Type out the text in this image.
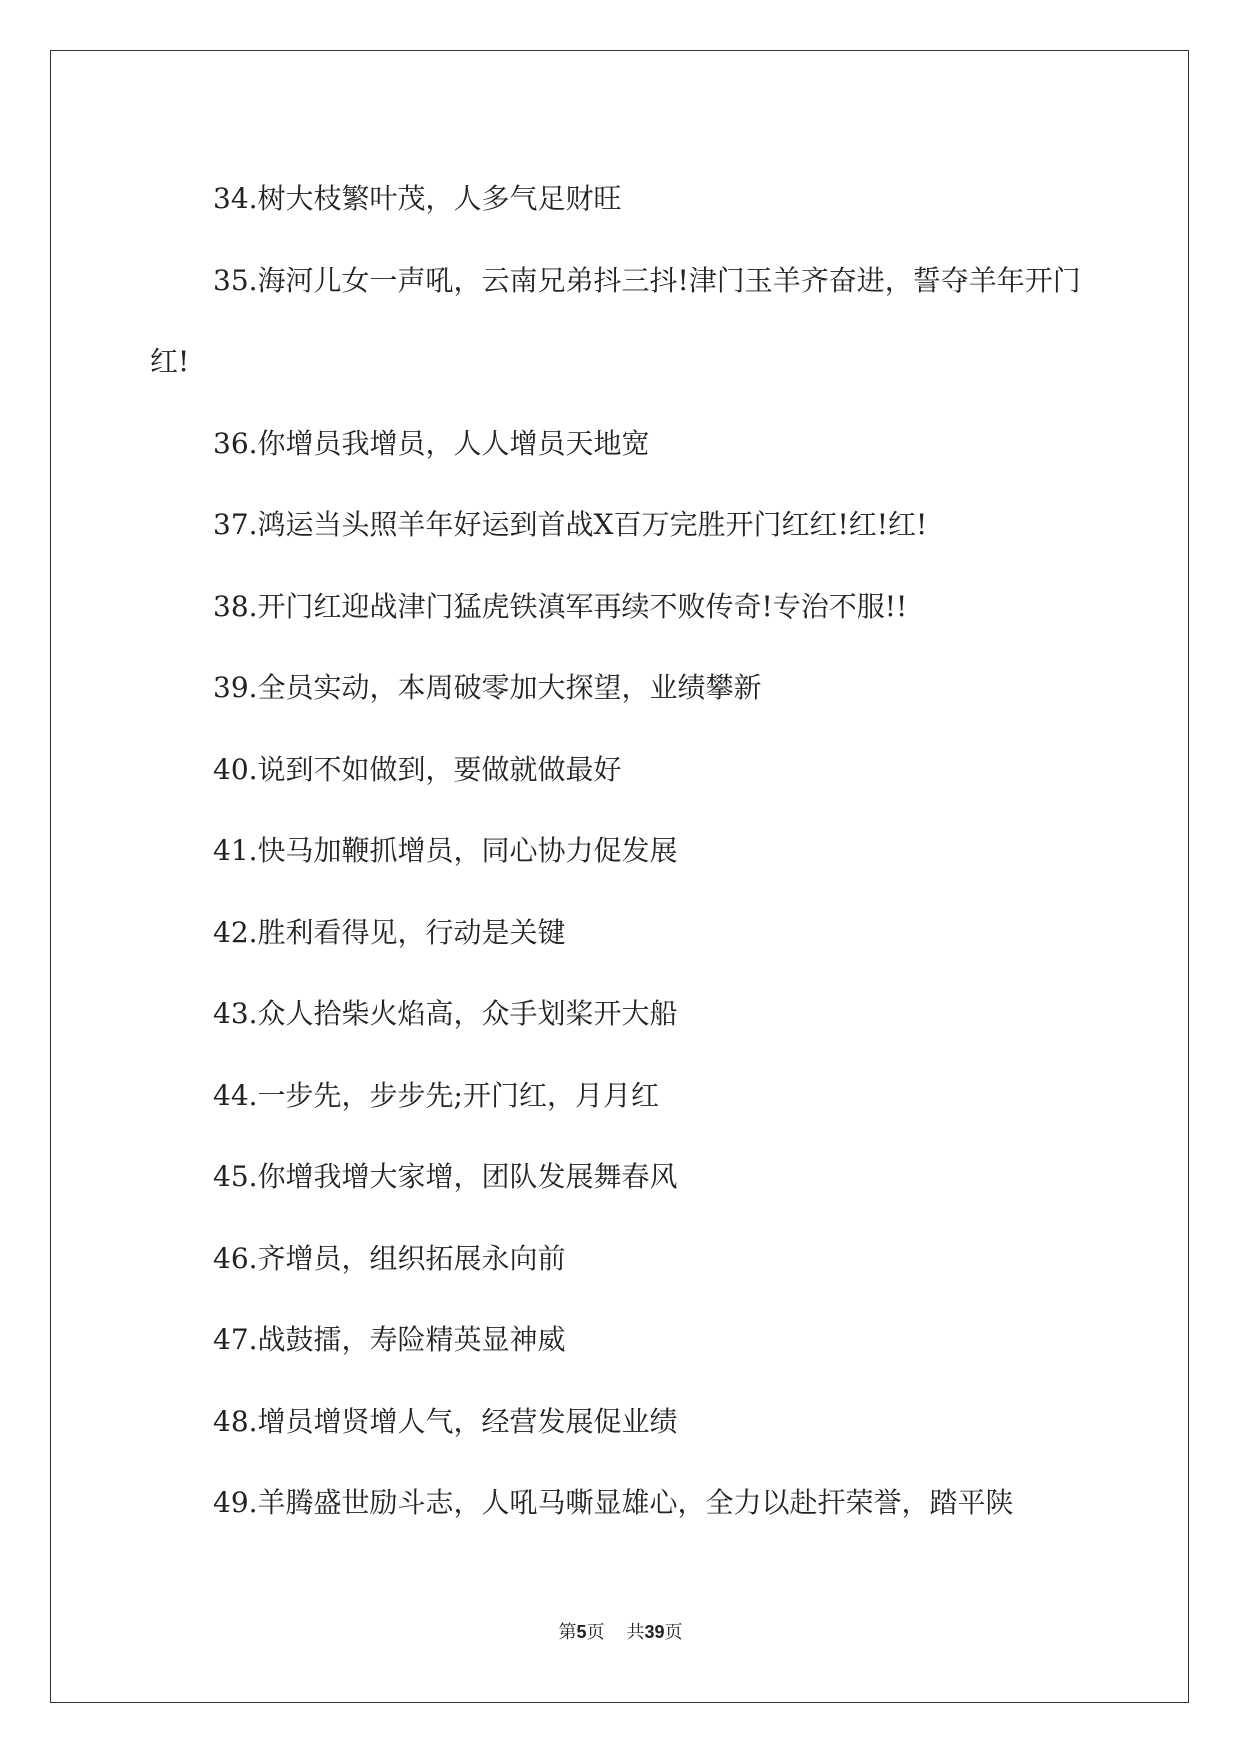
34.树大枝繁叶茂，人多气足财旺

35.海河儿女一声吼，云南兄弟抖三抖!津门玉羊齐奋进，誓夺羊年开门红!

36.你增员我增员，人人增员天地宽

37.鸿运当头照羊年好运到首战X百万完胜开门红红!红!红!

38.开门红迎战津门猛虎铁滇军再续不败传奇!专治不服!!

39.全员实动，本周破零加大探望，业绩攀新

40.说到不如做到，要做就做最好

41.快马加鞭抓增员，同心协力促发展

42.胜利看得见，行动是关键

43.众人拾柴火焰高，众手划桨开大船

44.一步先，步步先;开门红，月月红

45.你增我增大家增，团队发展舞春风

46.齐增员，组织拓展永向前

47.战鼓擂，寿险精英显神威

48.增员增贤增人气，经营发展促业绩

49.羊腾盛世励斗志，人吼马嘶显雄心，全力以赴扞荣誉，踏平陕

第5页 共39页
